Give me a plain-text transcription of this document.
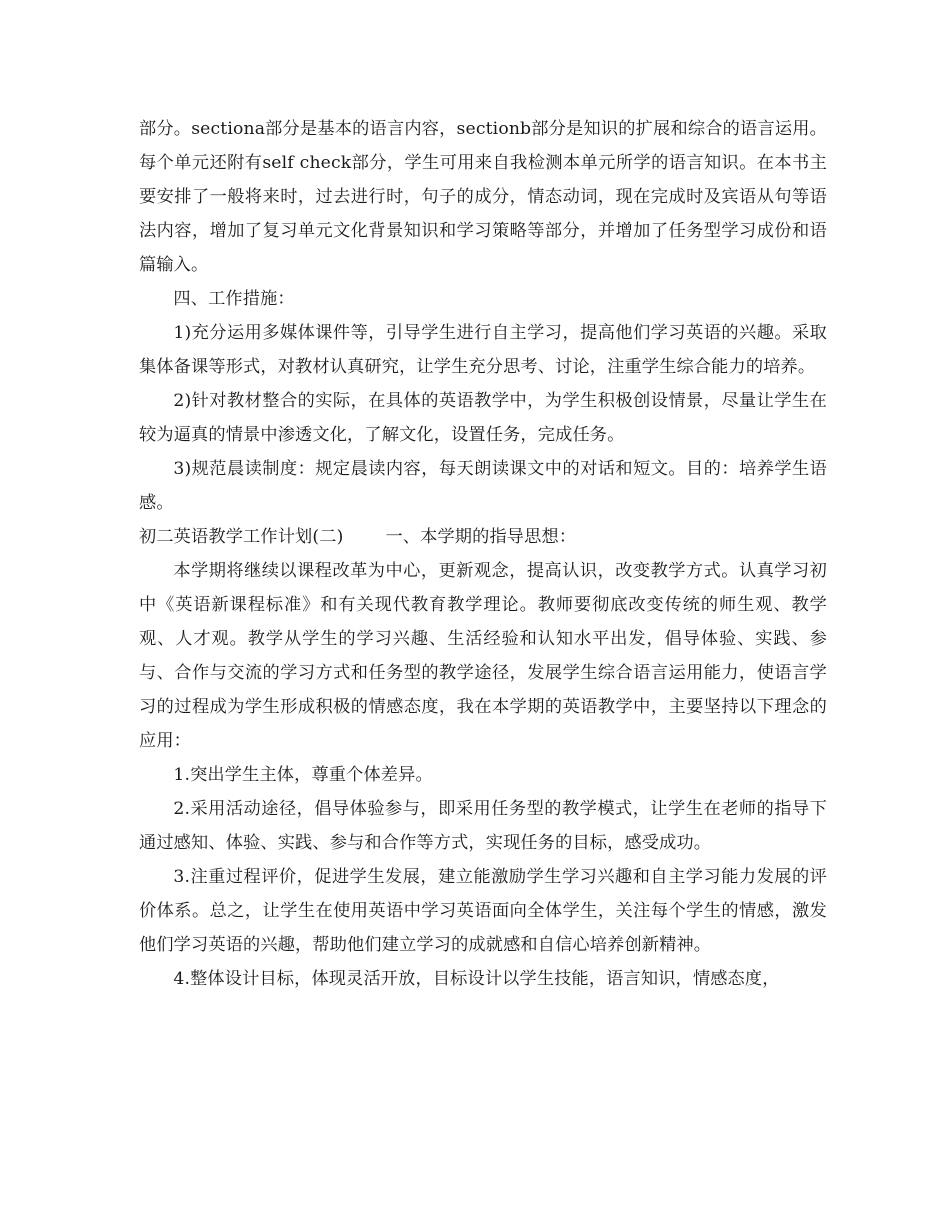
部分。sectiona部分是基本的语言内容，sectionb部分是知识的扩展和综合的语言运用。每个单元还附有self check部分，学生可用来自我检测本单元所学的语言知识。在本书主要安排了一般将来时，过去进行时，句子的成分，情态动词，现在完成时及宾语从句等语法内容，增加了复习单元文化背景知识和学习策略等部分，并增加了任务型学习成份和语篇输入。

四、工作措施：

1)充分运用多媒体课件等，引导学生进行自主学习，提高他们学习英语的兴趣。采取集体备课等形式，对教材认真研究，让学生充分思考、讨论，注重学生综合能力的培养。

2)针对教材整合的实际，在具体的英语教学中，为学生积极创设情景，尽量让学生在较为逼真的情景中渗透文化，了解文化，设置任务，完成任务。

3)规范晨读制度：规定晨读内容，每天朗读课文中的对话和短文。目的：培养学生语感。

初二英语教学工作计划(二) 一、本学期的指导思想：

本学期将继续以课程改革为中心，更新观念，提高认识，改变教学方式。认真学习初中《英语新课程标准》和有关现代教育教学理论。教师要彻底改变传统的师生观、教学观、人才观。教学从学生的学习兴趣、生活经验和认知水平出发，倡导体验、实践、参与、合作与交流的学习方式和任务型的教学途径，发展学生综合语言运用能力，使语言学习的过程成为学生形成积极的情感态度，我在本学期的英语教学中，主要坚持以下理念的应用：

1.突出学生主体，尊重个体差异。

2.采用活动途径，倡导体验参与，即采用任务型的教学模式，让学生在老师的指导下通过感知、体验、实践、参与和合作等方式，实现任务的目标，感受成功。

3.注重过程评价，促进学生发展，建立能激励学生学习兴趣和自主学习能力发展的评价体系。总之，让学生在使用英语中学习英语面向全体学生，关注每个学生的情感，激发他们学习英语的兴趣，帮助他们建立学习的成就感和自信心培养创新精神。

4.整体设计目标，体现灵活开放，目标设计以学生技能，语言知识，情感态度，
